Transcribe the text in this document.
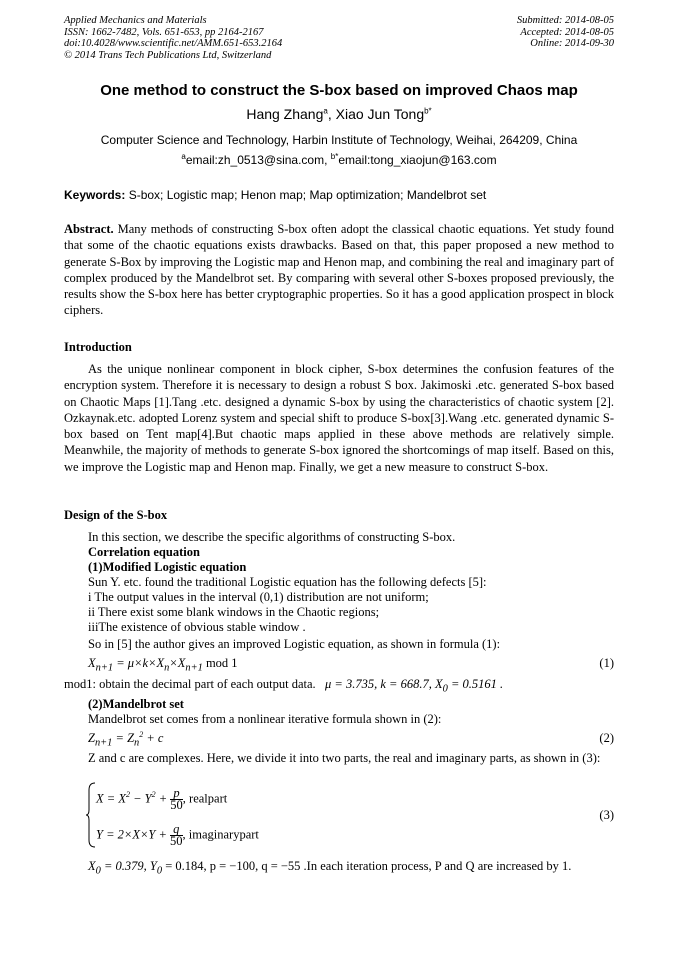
Applied Mechanics and Materials
ISSN: 1662-7482, Vols. 651-653, pp 2164-2167
doi:10.4028/www.scientific.net/AMM.651-653.2164
© 2014 Trans Tech Publications Ltd, Switzerland
Submitted: 2014-08-05
Accepted: 2014-08-05
Online: 2014-09-30
One method to construct the S-box based on improved Chaos map
Hang Zhang$^a$, Xiao Jun Tong$^{b*}$
Computer Science and Technology, Harbin Institute of Technology, Weihai, 264209, China
$^a$email:zh_0513@sina.com, $^{b*}$email:tong_xiaojun@163.com
Keywords: S-box; Logistic map; Henon map; Map optimization; Mandelbrot set
Abstract. Many methods of constructing S-box often adopt the classical chaotic equations. Yet study found that some of the chaotic equations exists drawbacks. Based on that, this paper proposed a new method to generate S-Box by improving the Logistic map and Henon map, and combining the real and imaginary part of complex produced by the Mandelbrot set. By comparing with several other S-boxes proposed previously, the results show the S-box here has better cryptographic properties. So it has a good application prospect in block ciphers.
Introduction
As the unique nonlinear component in block cipher, S-box determines the confusion features of the encryption system. Therefore it is necessary to design a robust S box. Jakimoski .etc. generated S-box based on Chaotic Maps [1].Tang .etc. designed a dynamic S-box by using the characteristics of chaotic system [2]. Ozkaynak.etc. adopted Lorenz system and special shift to produce S-box[3].Wang .etc. generated dynamic S-box based on Tent map[4].But chaotic maps applied in these above methods are relatively simple. Meanwhile, the majority of methods to generate S-box ignored the shortcomings of map itself. Based on this, we improve the Logistic map and Henon map. Finally, we get a new measure to construct S-box.
Design of the S-box
In this section, we describe the specific algorithms of constructing S-box.
Correlation equation
(1)Modified Logistic equation
Sun Y. etc. found the traditional Logistic equation has the following defects [5]:
i The output values in the interval (0,1) distribution are not uniform;
ii There exist some blank windows in the Chaotic regions;
iiiThe existence of obvious stable window .
So in [5] the author gives an improved Logistic equation, as shown in formula (1):
$X_{n+1} = \mu\times k\times X_n\times X_{n+1}$ mod 1	(1)
mod1: obtain the decimal part of each output data. μ = 3.735, k = 668.7, $X_0 = 0.5161$ .
(2)Mandelbrot set
Mandelbrot set comes from a nonlinear iterative formula shown in (2):
$Z_{n+1} = Z_n^2 + c$	(2)
Z and c are complexes. Here, we divide it into two parts, the real and imaginary parts, as shown in (3):
$X = X^2 - Y^2 + \frac{p}{50}$ , realpart
(3)
$Y = 2\times X\times Y + \frac{q}{50}$ , imaginarypart
$X_0 = 0.379$, $Y_0 = 0.184$, p = −100, q = −55 .In each iteration process, P and Q are increased by 1.
